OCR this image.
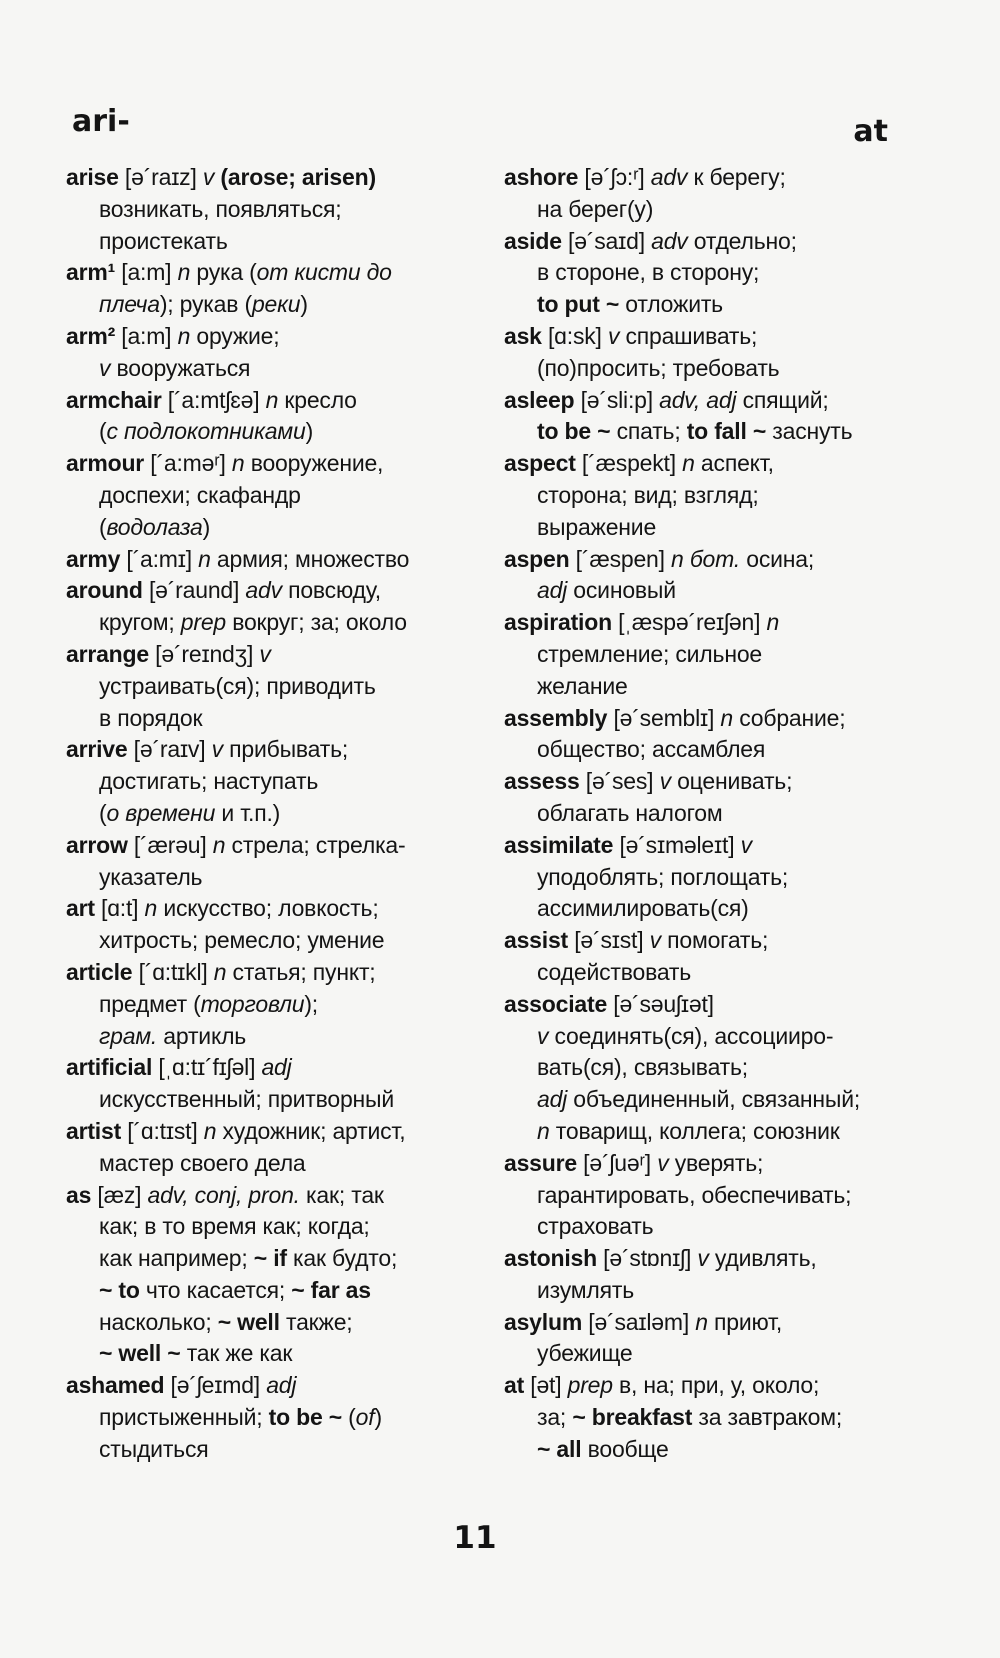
ari-	at
arise [ə´raɪz] v (arose; arisen)
возникать, появляться;
проистекать
arm¹ [a:m] n рука (от кисти до
плеча); рукав (реки)
arm² [a:m] n оружие;
v вооружаться
armchair [´a:mtʃɛə] n кресло
(с подлокотниками)
armour [´a:məʳ] n вооружение,
доспехи; скафандр
(водолаза)
army [´a:mɪ] n армия; множество
around [ə´raund] adv повсюду,
кругом; prep вокруг; за; около
arrange [ə´reɪndʒ] v
устраивать(ся); приводить
в порядок
arrive [ə´raɪv] v прибывать;
достигать; наступать
(о времени и т.п.)
arrow [´ærəu] n стрела; стрелка-
указатель
art [ɑ:t] n искусство; ловкость;
хитрость; ремесло; умение
article [´ɑ:tɪkl] n статья; пункт;
предмет (торговли);
грам. артикль
artificial [ˌɑ:tɪ´fɪʃəl] adj
искусственный; притворный
artist [´ɑ:tɪst] n художник; артист,
мастер своего дела
as [æz] adv, conj, pron. как; так
как; в то время как; когда;
как например; ~ if как будто;
~ to что касается; ~ far as
насколько; ~ well также;
~ well ~ так же как
ashamed [ə´ʃeɪmd] adj
пристыженный; to be ~ (of)
стыдиться
ashore [ə´ʃɔ:ʳ] adv к берегу;
на берег(у)
aside [ə´saɪd] adv отдельно;
в стороне, в сторону;
to put ~ отложить
ask [ɑ:sk] v спрашивать;
(по)просить; требовать
asleep [ə´sli:p] adv, adj спящий;
to be ~ спать; to fall ~ заснуть
aspect [´æspekt] n аспект,
сторона; вид; взгляд;
выражение
aspen [´æspen] n бот. осина;
adj осиновый
aspiration [ˌæspə´reɪʃən] n
стремление; сильное
желание
assembly [ə´semblɪ] n собрание;
общество; ассамблея
assess [ə´ses] v оценивать;
облагать налогом
assimilate [ə´sɪməleɪt] v
уподоблять; поглощать;
ассимилировать(ся)
assist [ə´sɪst] v помогать;
содействовать
associate [ə´səuʃɪət]
v соединять(ся), ассоцииро-
вать(ся), связывать;
adj объединенный, связанный;
n товарищ, коллега; союзник
assure [ə´ʃuəʳ] v уверять;
гарантировать, обеспечивать;
страховать
astonish [ə´stɒnɪʃ] v удивлять,
изумлять
asylum [ə´saɪləm] n приют,
убежище
at [ət] prep в, на; при, у, около;
за; ~ breakfast за завтраком;
~ all вообще
11
